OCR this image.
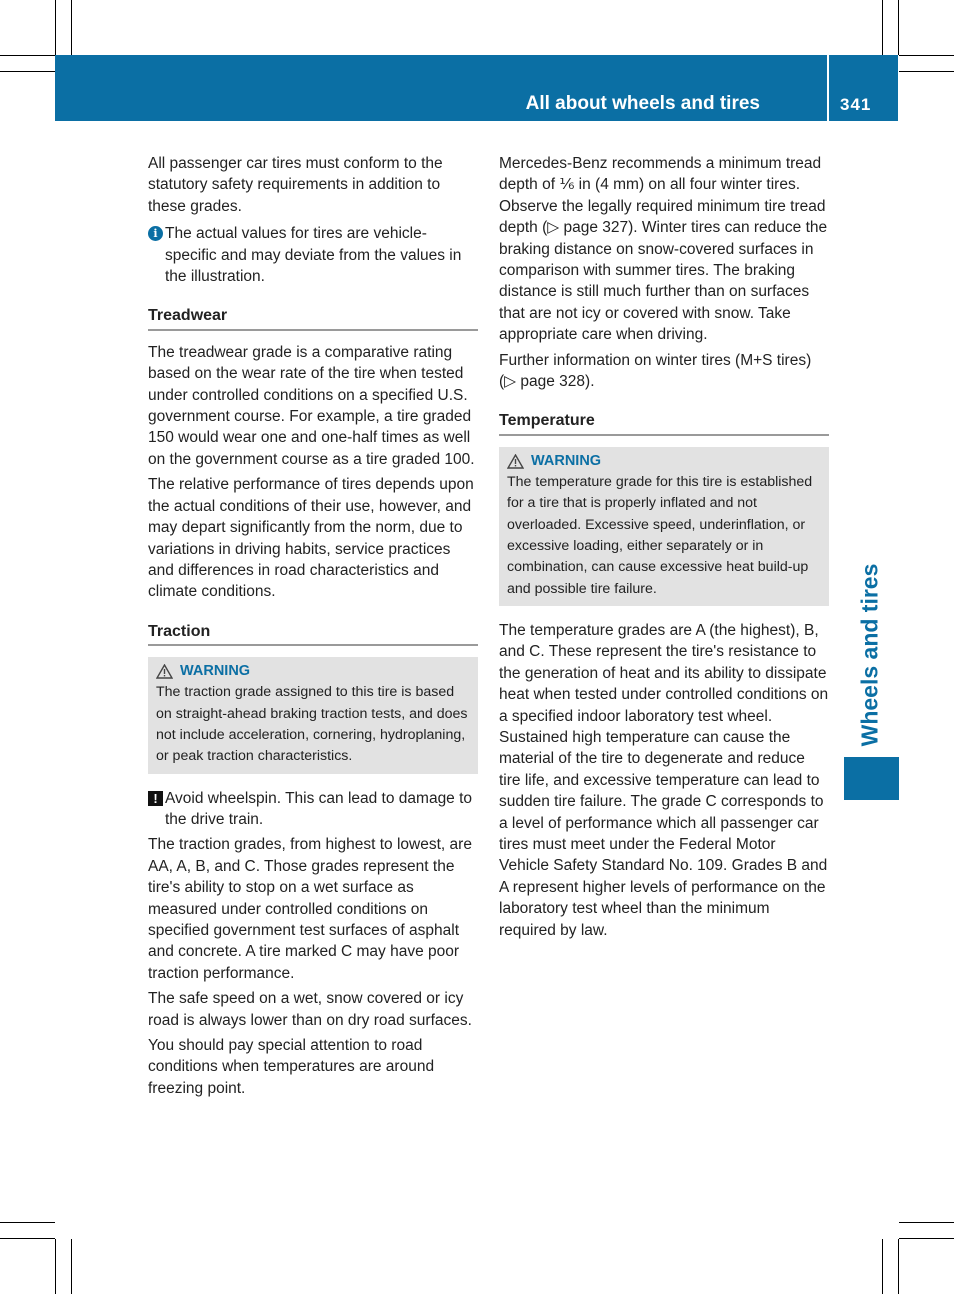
All about wheels and tires	341
Wheels and tires

All passenger car tires must conform to the statutory safety requirements in addition to these grades.

i The actual values for tires are vehicle-specific and may deviate from the values in the illustration.
Treadwear

The treadwear grade is a comparative rating based on the wear rate of the tire when tested under controlled conditions on a specified U.S. government course. For example, a tire graded 150 would wear one and one-half times as well on the government course as a tire graded 100.

The relative performance of tires depends upon the actual conditions of their use, however, and may depart significantly from the norm, due to variations in driving habits, service practices and differences in road characteristics and climate conditions.

Traction
WARNING
The traction grade assigned to this tire is based on straight-ahead braking traction tests, and does not include acceleration, cornering, hydroplaning, or peak traction characteristics.
! Avoid wheelspin. This can lead to damage to the drive train.

The traction grades, from highest to lowest, are AA, A, B, and C. Those grades represent the tire's ability to stop on a wet surface as measured under controlled conditions on specified government test surfaces of asphalt and concrete. A tire marked C may have poor traction performance.

The safe speed on a wet, snow covered or icy road is always lower than on dry road surfaces.

You should pay special attention to road conditions when temperatures are around freezing point.

Mercedes-Benz recommends a minimum tread depth of ⅙ in (4 mm) on all four winter tires. Observe the legally required minimum tire tread depth (▷ page 327). Winter tires can reduce the braking distance on snow-covered surfaces in comparison with summer tires. The braking distance is still much further than on surfaces that are not icy or covered with snow. Take appropriate care when driving.

Further information on winter tires (M+S tires) (▷ page 328).

Temperature
WARNING
The temperature grade for this tire is established for a tire that is properly inflated and not overloaded. Excessive speed, underinflation, or excessive loading, either separately or in combination, can cause excessive heat build-up and possible tire failure.

The temperature grades are A (the highest), B, and C. These represent the tire's resistance to the generation of heat and its ability to dissipate heat when tested under controlled conditions on a specified indoor laboratory test wheel. Sustained high temperature can cause the material of the tire to degenerate and reduce tire life, and excessive temperature can lead to sudden tire failure. The grade C corresponds to a level of performance which all passenger car tires must meet under the Federal Motor Vehicle Safety Standard No. 109. Grades B and A represent higher levels of performance on the laboratory test wheel than the minimum required by law.
